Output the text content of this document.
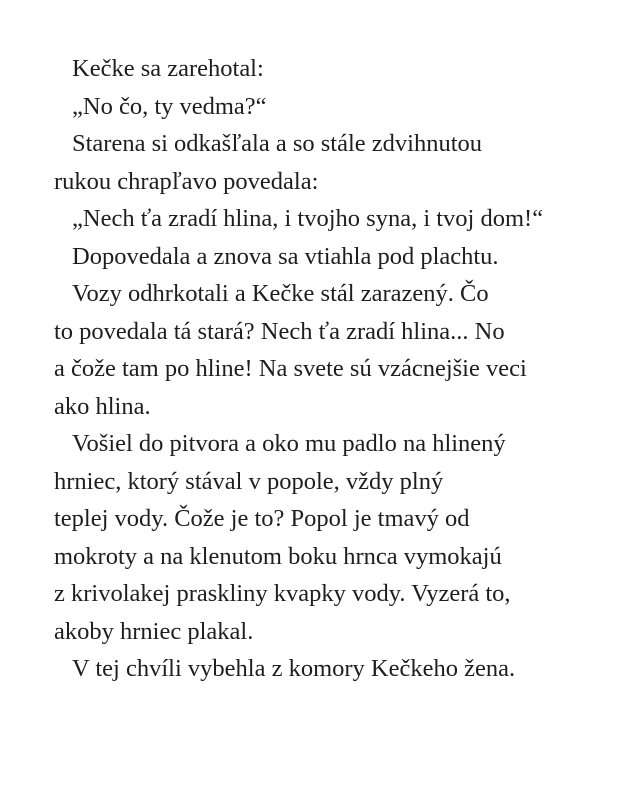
Kečke sa zarehotal:
„No čo, ty vedma?“
Starena si odkašľala a so stále zdvihnutou
rukou chrapľavo povedala:
„Nech ťa zradí hlina, i tvojho syna, i tvoj dom!“
Dopovedala a znova sa vtiahla pod plachtu.
Vozy odhrkotali a Kečke stál zarazený. Čo
to povedala tá stará? Nech ťa zradí hlina... No
a čože tam po hline! Na svete sú vzácnejšie veci
ako hlina.
Vošiel do pitvora a oko mu padlo na hlinený
hrniec, ktorý stával v popole, vždy plný
teplej vody. Čože je to? Popol je tmavý od
mokroty a na klenutom boku hrnca vymokajú
z krivolakej praskliny kvapky vody. Vyzerá to,
akoby hrniec plakal.
V tej chvíli vybehla z komory Kečkeho žena.
